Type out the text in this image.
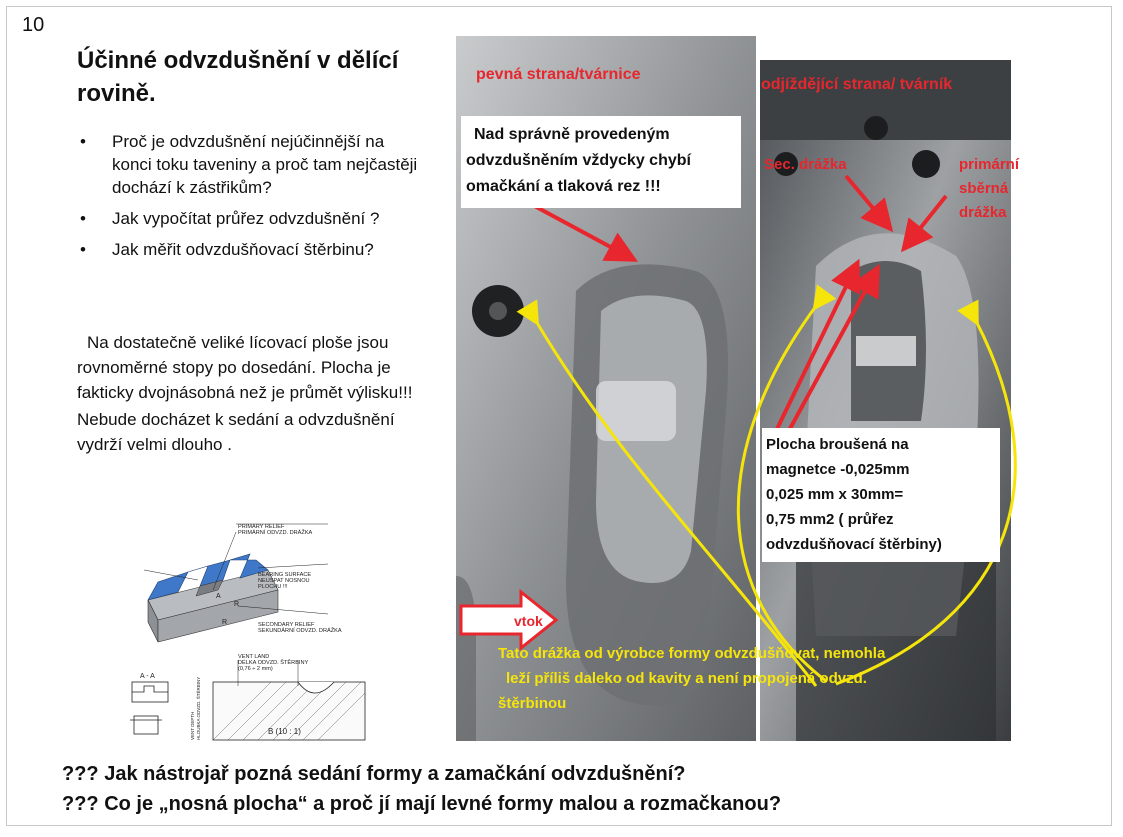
10
Účinné odvzdušnění v dělící rovině.
• Proč je odvzdušnění nejúčinnější na konci toku taveniny a proč tam nejčastěji dochází k zástřikům?
• Jak vypočítat průřez odvzdušnění ?
• Jak měřit odvzdušňovací štěrbinu?

Na dostatečně veliké lícovací ploše jsou rovnoměrné stopy po dosedání. Plocha je fakticky dvojnásobná než je průmět výlisku!!!

Nebude docházet k sedání a odvzdušnění vydrží velmi dlouho .

PRIMARY RELIEF
PRIMÁRNÍ ODVZD. DRÁŽKA
BEARING SURFACE
NEUSPAT NOSNOU
PLOCHU !!!
SECONDARY RELIEF
SEKUNDÁRNÍ ODVZD. DRÁŽKA
A
R
R
A - A
VENT LAND
DÉLKA ODVZD. ŠTĚRBINY
(0,76 ÷ 2 mm)
B (10 : 1)
VENT DEPTH HLOUBKA ODVZD. ŠTĚRBINY
pevná strana/tvárnice
odjíždějící strana/ tvárník
Nad správně provedeným
odvzdušněním vždycky chybí
omačkání a tlaková rez !!!
Sec. drážka	primární
sběrná
drážka
Plocha broušená na
magnetce -0,025mm
0,025 mm x 30mm=
0,75 mm2 ( průřez
odvzdušňovací štěrbiny)
vtok
Tato drážka od výrobce formy odvzdušňovat, nemohla
leží příliš daleko od kavity a není propojená odvzd.
štěrbinou
??? Jak nástrojař pozná sedání formy a zamačkání odvzdušnění?
??? Co je „nosná plocha“ a proč jí mají levné formy malou a rozmačkanou?
